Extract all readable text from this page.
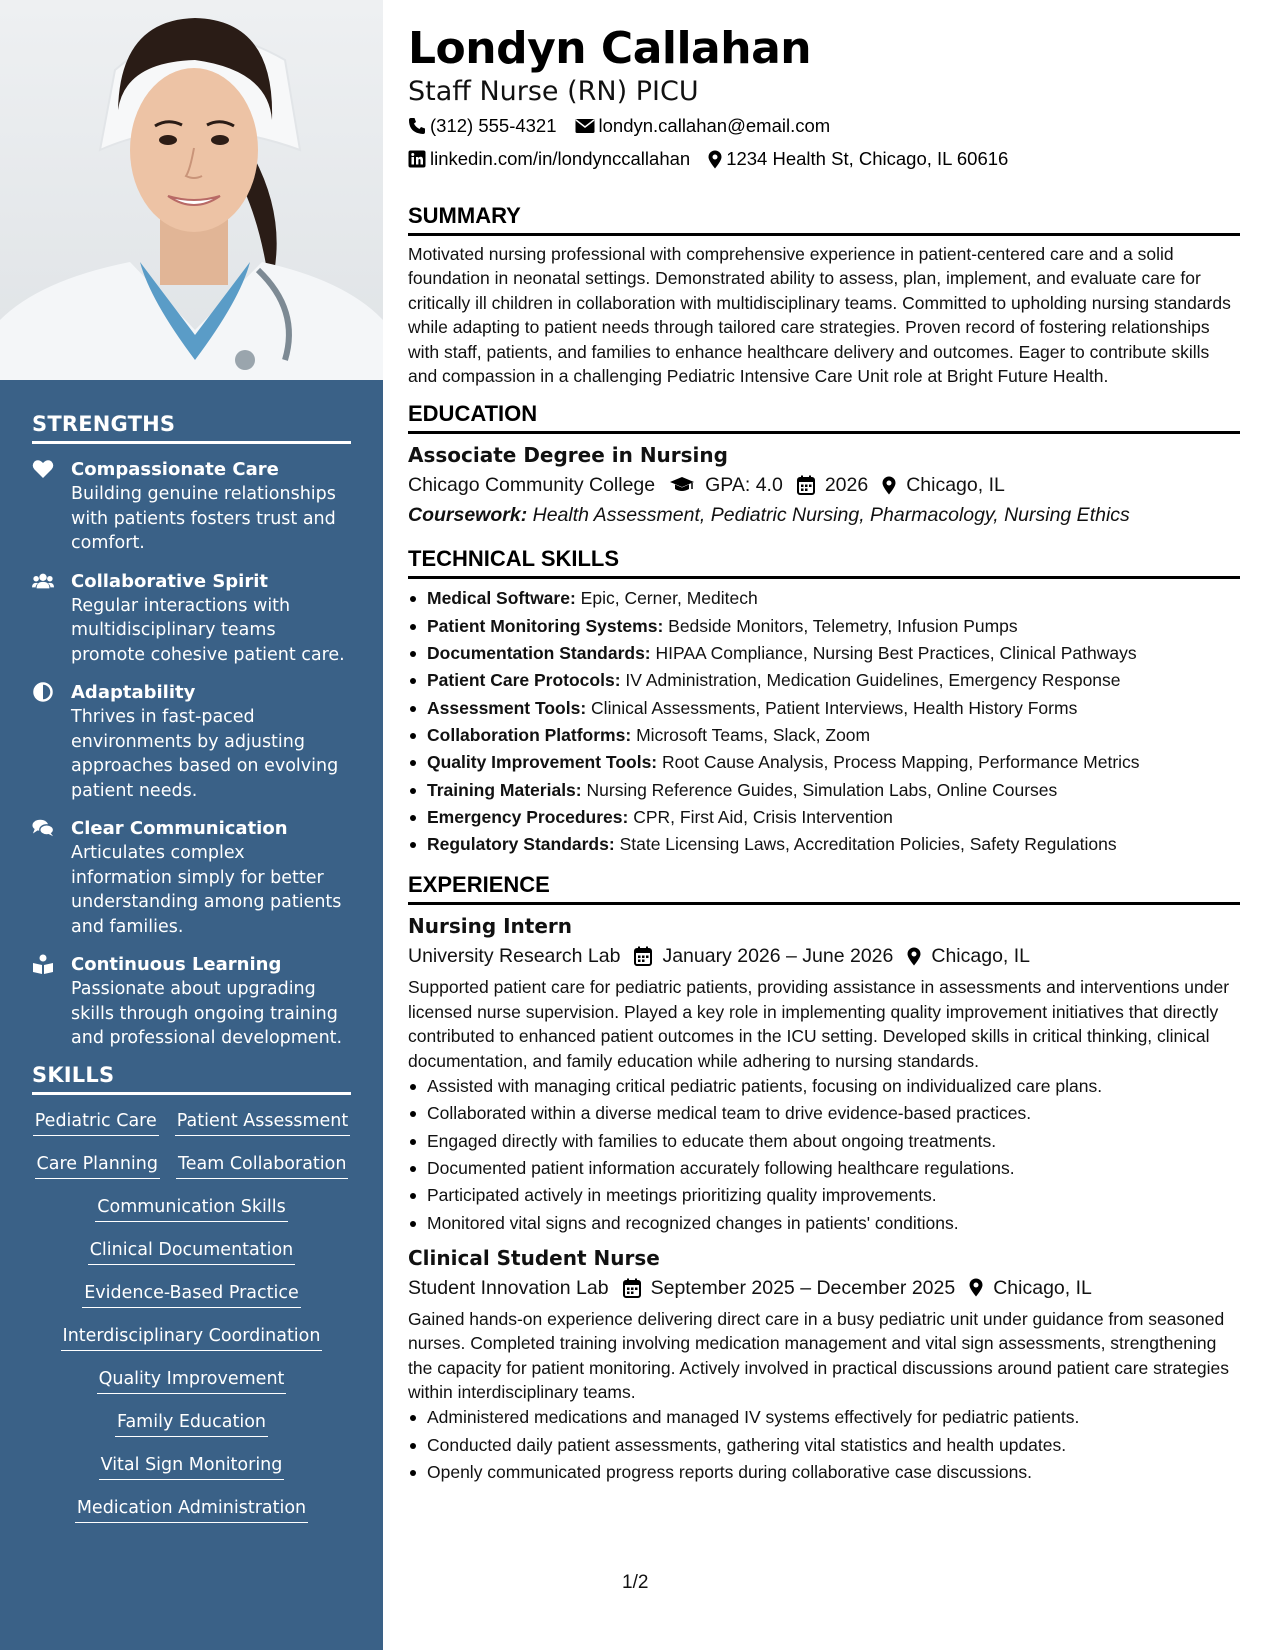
STRENGTHS
Compassionate Care
Building genuine relationships with patients fosters trust and comfort.
Collaborative Spirit
Regular interactions with multidisciplinary teams promote cohesive patient care.
Adaptability
Thrives in fast-paced environments by adjusting approaches based on evolving patient needs.
Clear Communication
Articulates complex information simply for better understanding among patients and families.
Continuous Learning
Passionate about upgrading skills through ongoing training and professional development.
SKILLS
Pediatric Care Patient Assessment
Care Planning Team Collaboration
Communication Skills
Clinical Documentation
Evidence-Based Practice
Interdisciplinary Coordination
Quality Improvement
Family Education
Vital Sign Monitoring
Medication Administration
Londyn Callahan
Staff Nurse (RN) PICU
(312) 555-4321 londyn.callahan@email.com
linkedin.com/in/londynccallahan 1234 Health St, Chicago, IL 60616
SUMMARY

Motivated nursing professional with comprehensive experience in patient-centered care and a solid foundation in neonatal settings. Demonstrated ability to assess, plan, implement, and evaluate care for critically ill children in collaboration with multidisciplinary teams. Committed to upholding nursing standards while adapting to patient needs through tailored care strategies. Proven record of fostering relationships with staff, patients, and families to enhance healthcare delivery and outcomes. Eager to contribute skills and compassion in a challenging Pediatric Intensive Care Unit role at Bright Future Health.

EDUCATION
Associate Degree in Nursing
Chicago Community College	GPA: 4.0 2026 Chicago, IL
Coursework: Health Assessment, Pediatric Nursing, Pharmacology, Nursing Ethics
TECHNICAL SKILLS
Medical Software: Epic, Cerner, Meditech
Patient Monitoring Systems: Bedside Monitors, Telemetry, Infusion Pumps
Documentation Standards: HIPAA Compliance, Nursing Best Practices, Clinical Pathways
Patient Care Protocols: IV Administration, Medication Guidelines, Emergency Response
Assessment Tools: Clinical Assessments, Patient Interviews, Health History Forms
Collaboration Platforms: Microsoft Teams, Slack, Zoom
Quality Improvement Tools: Root Cause Analysis, Process Mapping, Performance Metrics
Training Materials: Nursing Reference Guides, Simulation Labs, Online Courses
Emergency Procedures: CPR, First Aid, Crisis Intervention
Regulatory Standards: State Licensing Laws, Accreditation Policies, Safety Regulations
EXPERIENCE
Nursing Intern
University Research Lab January 2026 – June 2026 Chicago, IL

Supported patient care for pediatric patients, providing assistance in assessments and interventions under licensed nurse supervision. Played a key role in implementing quality improvement initiatives that directly contributed to enhanced patient outcomes in the ICU setting. Developed skills in critical thinking, clinical documentation, and family education while adhering to nursing standards.

Assisted with managing critical pediatric patients, focusing on individualized care plans.
Collaborated within a diverse medical team to drive evidence-based practices.
Engaged directly with families to educate them about ongoing treatments.
Documented patient information accurately following healthcare regulations.
Participated actively in meetings prioritizing quality improvements.
Monitored vital signs and recognized changes in patients' conditions.
Clinical Student Nurse
Student Innovation Lab September 2025 – December 2025 Chicago, IL

Gained hands-on experience delivering direct care in a busy pediatric unit under guidance from seasoned nurses. Completed training involving medication management and vital sign assessments, strengthening the capacity for patient monitoring. Actively involved in practical discussions around patient care strategies within interdisciplinary teams.

Administered medications and managed IV systems effectively for pediatric patients.
Conducted daily patient assessments, gathering vital statistics and health updates.
Openly communicated progress reports during collaborative case discussions.
1/2
